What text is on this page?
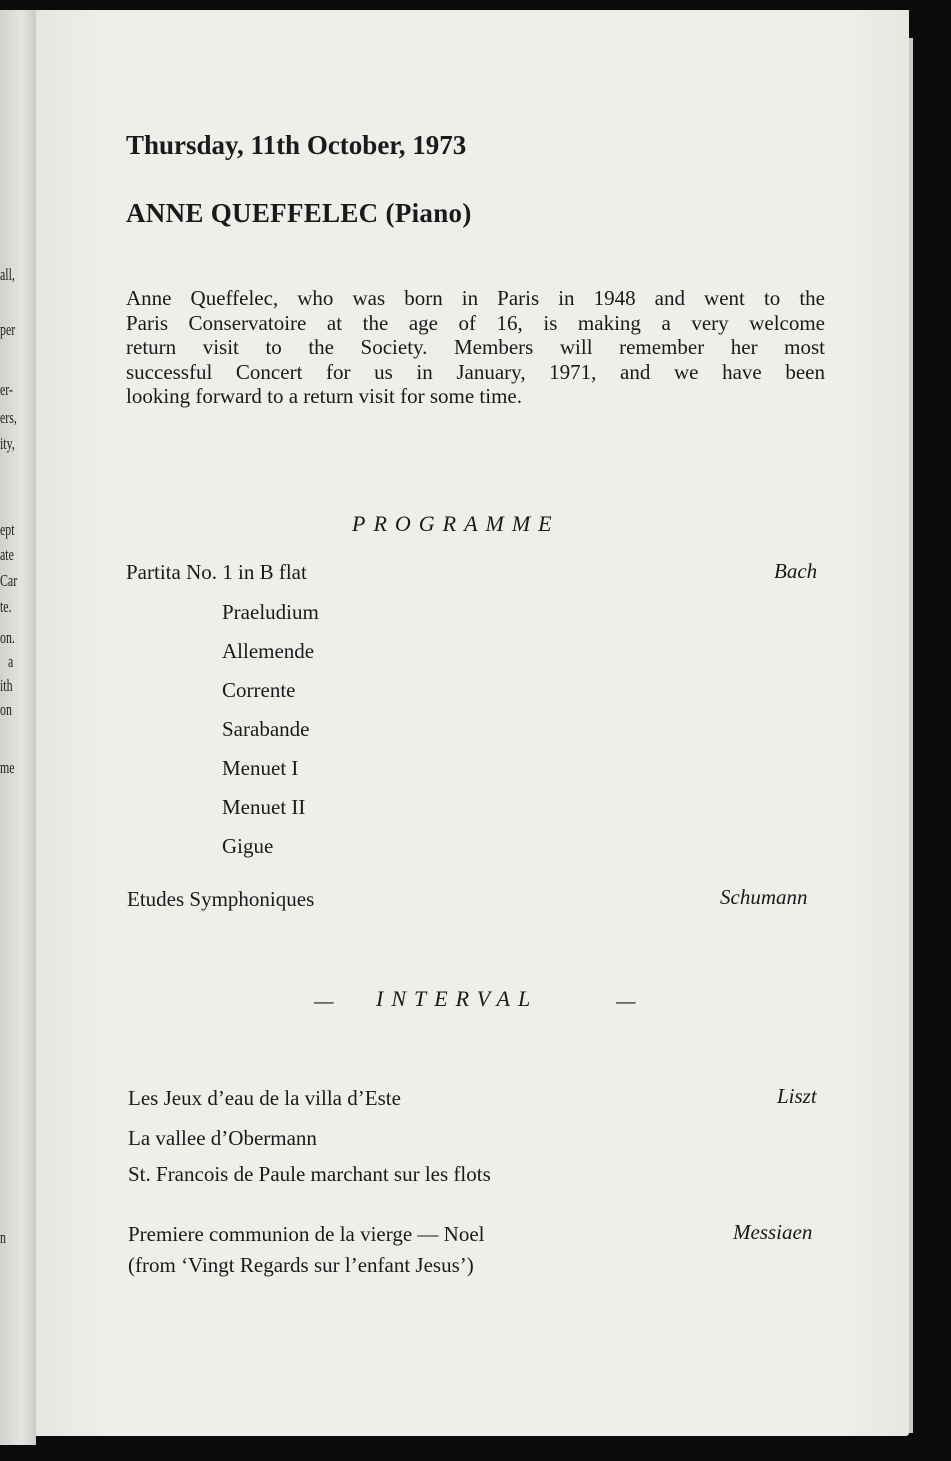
all,
per
er-
ers,
ity,
ept
ate
Car
te.
on.
a
ith
on
me
n
Thursday, 11th October, 1973
ANNE QUEFFELEC (Piano)
Anne Queffelec, who was born in Paris in 1948 and went to the
Paris Conservatoire at the age of 16, is making a very welcome
return visit to the Society. Members will remember her most
successful Concert for us in January, 1971, and we have been
looking forward to a return visit for some time.
PROGRAMME
Partita No. 1 in B flat	Bach
Praeludium
Allemende
Corrente
Sarabande
Menuet I
Menuet II
Gigue
Etudes Symphoniques	Schumann
— INTERVAL	—
Les Jeux d’eau de la villa d’Este	Liszt
La vallee d’Obermann
St. Francois de Paule marchant sur les flots
Premiere communion de la vierge — Noel	Messiaen
(from ‘Vingt Regards sur l’enfant Jesus’)
